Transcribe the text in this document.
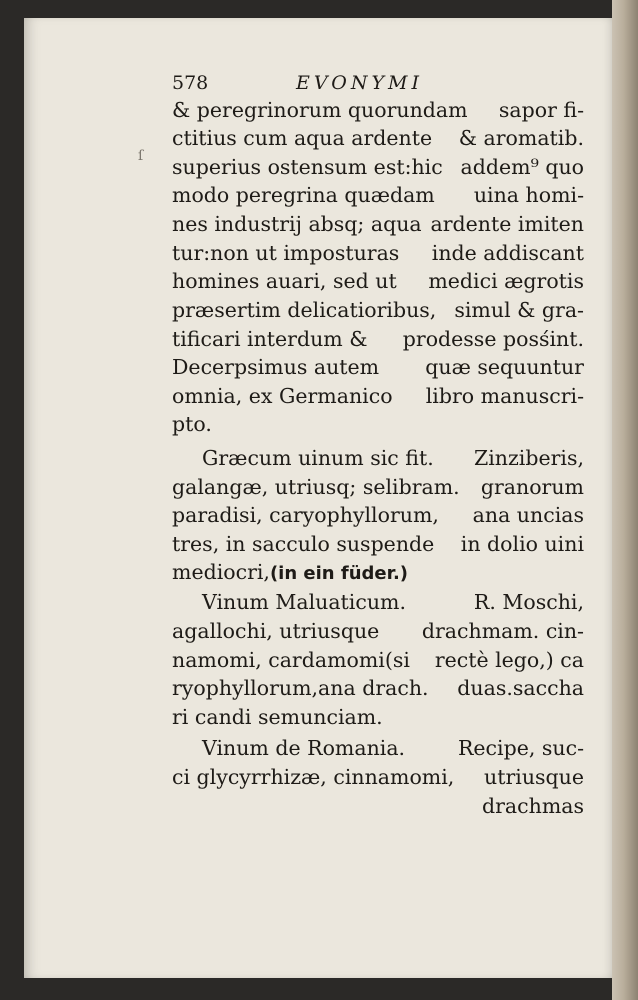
578	EVONYMI
ſ
& peregrinorum quorundam sapor fi-
ctitius cum aqua ardente & aromatib.
superius ostensum est:hic addem⁹ quo
modo peregrina quædam uina homi-
nes industrij absq; aqua ardente imiten
tur:non ut imposturas inde addiscant
homines auari, sed ut medici ægrotis
præsertim delicatioribus, simul & gra-
tificari interdum & prodesse posśint.
Decerpsimus autem quæ sequuntur
omnia, ex Germanico libro manuscri-
pto.
Græcum uinum sic fit. Zinziberis,
galangæ, utriusq; selibram. granorum
paradisi, caryophyllorum, ana uncias
tres, in sacculo suspende in dolio uini
mediocri,(in ein füder.)
Vinum Maluaticum.	R. Moschi,
agallochi, utriusque drachmam. cin-
namomi, cardamomi(si rectè lego,) ca
ryophyllorum,ana drach. duas.saccha
ri candi semunciam.
Vinum de Romania.	Recipe, suc-
ci glycyrrhizæ, cinnamomi, utriusque
drachmas
